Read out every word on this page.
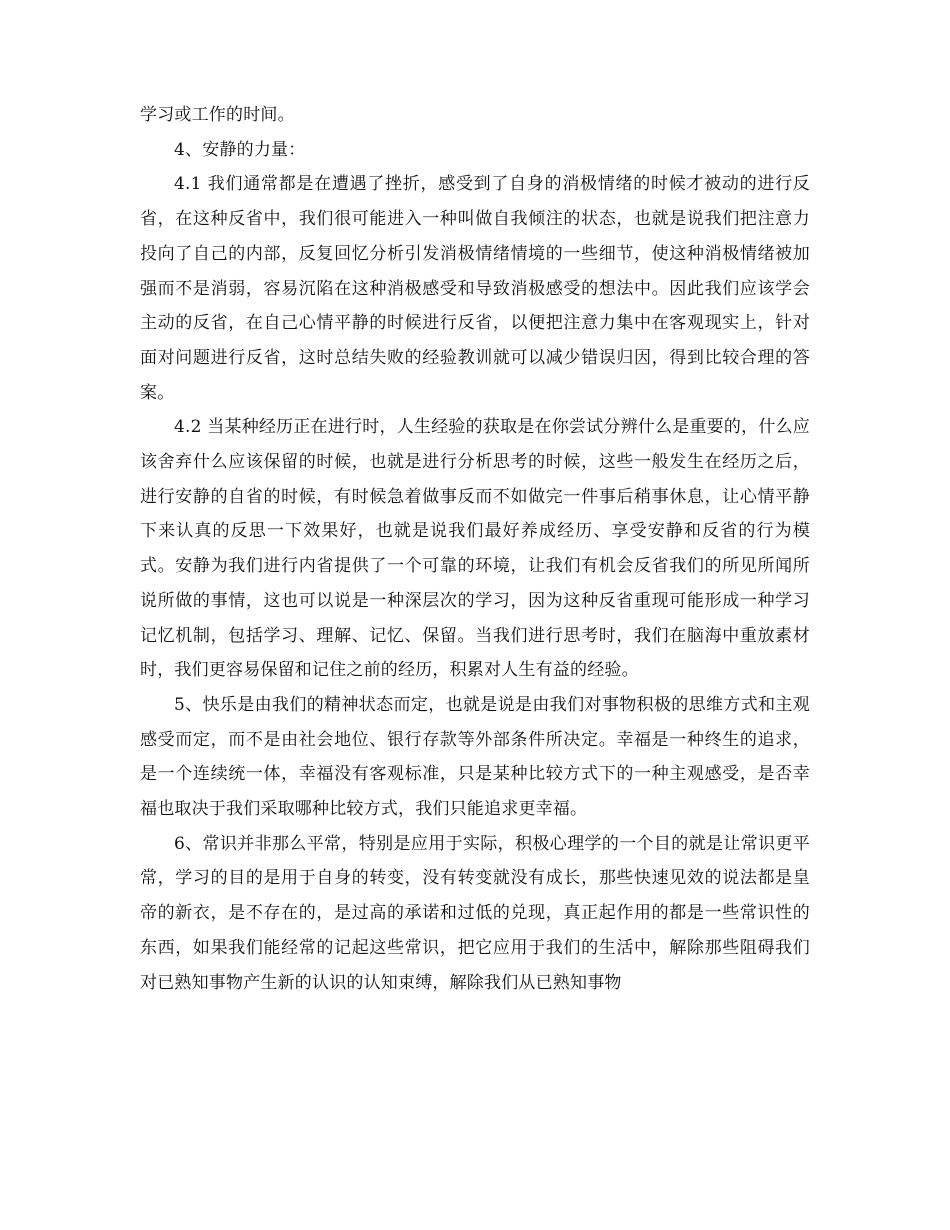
学习或工作的时间。

4、安静的力量：

4.1 我们通常都是在遭遇了挫折，感受到了自身的消极情绪的时候才被动的进行反省，在这种反省中，我们很可能进入一种叫做自我倾注的状态，也就是说我们把注意力投向了自己的内部，反复回忆分析引发消极情绪情境的一些细节，使这种消极情绪被加强而不是消弱，容易沉陷在这种消极感受和导致消极感受的想法中。因此我们应该学会主动的反省，在自己心情平静的时候进行反省，以便把注意力集中在客观现实上，针对面对问题进行反省，这时总结失败的经验教训就可以减少错误归因，得到比较合理的答案。

4.2 当某种经历正在进行时，人生经验的获取是在你尝试分辨什么是重要的，什么应该舍弃什么应该保留的时候，也就是进行分析思考的时候，这些一般发生在经历之后，进行安静的自省的时候，有时候急着做事反而不如做完一件事后稍事休息，让心情平静下来认真的反思一下效果好，也就是说我们最好养成经历、享受安静和反省的行为模式。安静为我们进行内省提供了一个可靠的环境，让我们有机会反省我们的所见所闻所说所做的事情，这也可以说是一种深层次的学习，因为这种反省重现可能形成一种学习记忆机制，包括学习、理解、记忆、保留。当我们进行思考时，我们在脑海中重放素材时，我们更容易保留和记住之前的经历，积累对人生有益的经验。

5、快乐是由我们的精神状态而定，也就是说是由我们对事物积极的思维方式和主观感受而定，而不是由社会地位、银行存款等外部条件所决定。幸福是一种终生的追求，是一个连续统一体，幸福没有客观标准，只是某种比较方式下的一种主观感受，是否幸福也取决于我们采取哪种比较方式，我们只能追求更幸福。

6、常识并非那么平常，特别是应用于实际，积极心理学的一个目的就是让常识更平常，学习的目的是用于自身的转变，没有转变就没有成长，那些快速见效的说法都是皇帝的新衣，是不存在的，是过高的承诺和过低的兑现，真正起作用的都是一些常识性的东西，如果我们能经常的记起这些常识，把它应用于我们的生活中，解除那些阻碍我们对已熟知事物产生新的认识的认知束缚，解除我们从已熟知事物
